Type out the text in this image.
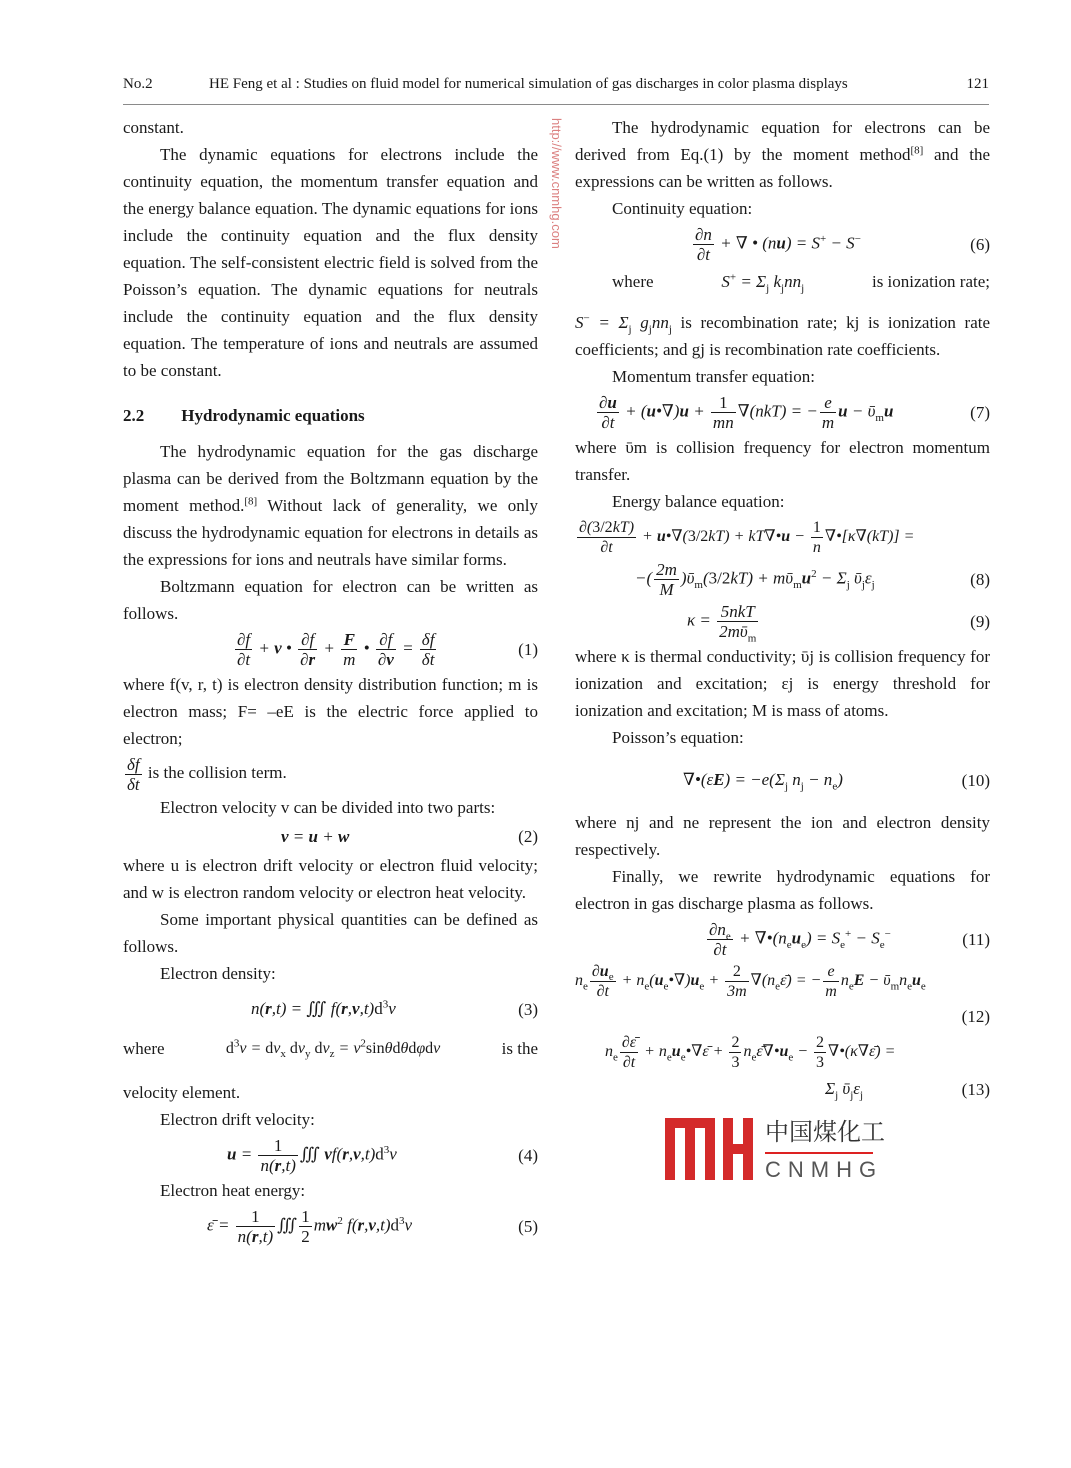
No.2	HE Feng et al : Studies on fluid model for numerical simulation of gas discharges in color plasma displays	121

constant.

The dynamic equations for electrons include the continuity equation, the momentum transfer equation and the energy balance equation. The dynamic equations for ions include the continuity equation and the flux density equation. The self-consistent electric field is solved from the Poisson’s equation. The dynamic equations for neutrals include the continuity equation and the flux density equation. The temperature of ions and neutrals are assumed to be constant.

2.2 Hydrodynamic equations

The hydrodynamic equation for the gas discharge plasma can be derived from the Boltzmann equation by the moment method.[8] Without lack of generality, we only discuss the hydrodynamic equation for electrons in details as the expressions for ions and neutrals have similar forms.

Boltzmann equation for electron can be written as follows.

$\frac{\partial f}{\partial t} + v$ • $\frac{\partial f}{\partial r} + \frac{F}{m}$ • $\frac{\partial f}{\partial v} = \frac{\delta f}{\delta t}$	(1)

where f(v, r, t) is electron density distribution function; m is electron mass; F= –eE is the electric force applied to electron;

$\frac{\delta f}{\delta t}$ is the collision term.

Electron velocity v can be divided into two parts:

v = u + w	(2)

where u is electron drift velocity or electron fluid velocity; and w is electron random velocity or electron heat velocity.

Some important physical quantities can be defined as follows.

Electron density:

n(r,t) = ∭ $f(r,v,t)d^3v$	(3)
where	$d^3v = dv_x$ $dv_y$ $dv_z = v^2\sin\theta d\theta d\varphi dv$	is the

velocity element.

Electron drift velocity:

$u = \frac{1}{n(r,t)}$ ∭ $vf(r,v,t)d^3v$	(4)

Electron heat energy:

ε̄ = $\frac{1}{n(r,t)}$ ∭ $\frac{1}{2} mw^2$ $f(r,v,t)d^3v$	(5)

The hydrodynamic equation for electrons can be derived from Eq.(1) by the moment method[8] and the expressions can be written as follows.

Continuity equation:

$\frac{\partial n}{\partial t}$ + ∇ • (nu) = S+ − S−	(6)
where	$S^+ = \Sigma_j$ $k_jnn_j$	is ionization rate;

$S^- = \Sigma_j$ $g_jnn_j$ is recombination rate; kj is ionization rate coefficients; and gj is recombination rate coefficients.

Momentum transfer equation:

$\frac{\partial u}{\partial t}$ + (u•∇)u + $\frac{1}{mn} \nabla(nkT)$ = − $\frac{e}{m}$ u − ῡ$_m$u	(7)

where ῡm is collision frequency for electron momentum transfer.

Energy balance equation:

$\frac{\partial(3/2kT)}{\partial t}$ + u•∇(3/2kT) + kT∇•u − $\frac{1}{n}$ ∇•[κ∇(kT)] =
−( $\frac{2m}{M}$ )ῡ$_m$(3/2kT) + $mῡ_mu^2 - \Sigma_j$ $ῡ_j\varepsilon_j$	(8)
$\kappa = \frac{\text{5nkT}}{2mῡ_m}$	(9)

where κ is thermal conductivity; ῡj is collision frequency for ionization and excitation; εj is energy threshold for ionization and excitation; M is mass of atoms.

Poisson’s equation:

∇•(εE) = $-e(\Sigma_j$ $n_j - n_e$)	(10)

where nj and ne represent the ion and electron density respectively.

Finally, we rewrite hydrodynamic equations for electron in gas discharge plasma as follows.

$\frac{\partial n_e}{\partial t}$ + $\nabla•(n_eu_e) = S_e^+ - S_e^-$	(11)
$n_e \frac{\partial u_e}{\partial t}$ + $n_e(u_e•\nabla)u_e + \frac{2}{3m}$ $\nabla(n_e\varepsilon̄)$ = − $\frac{e}{m} n_eE$ − $ῡ_mn_eu_e$
(12)
$n_e \frac{\partial\varepsilon̄}{\partial t}$ + $n_eu_e•\nabla\varepsilon̄ + \frac{2}{3}$ $n_e\varepsilon̄\nabla•u_e - \frac{2}{3}$ ∇•(κ∇ε̄) =
$\Sigma_j$ $ῡ_j\varepsilon_j$	(13)
中国煤化工
CNMHG
http://www.cnmhg.com
